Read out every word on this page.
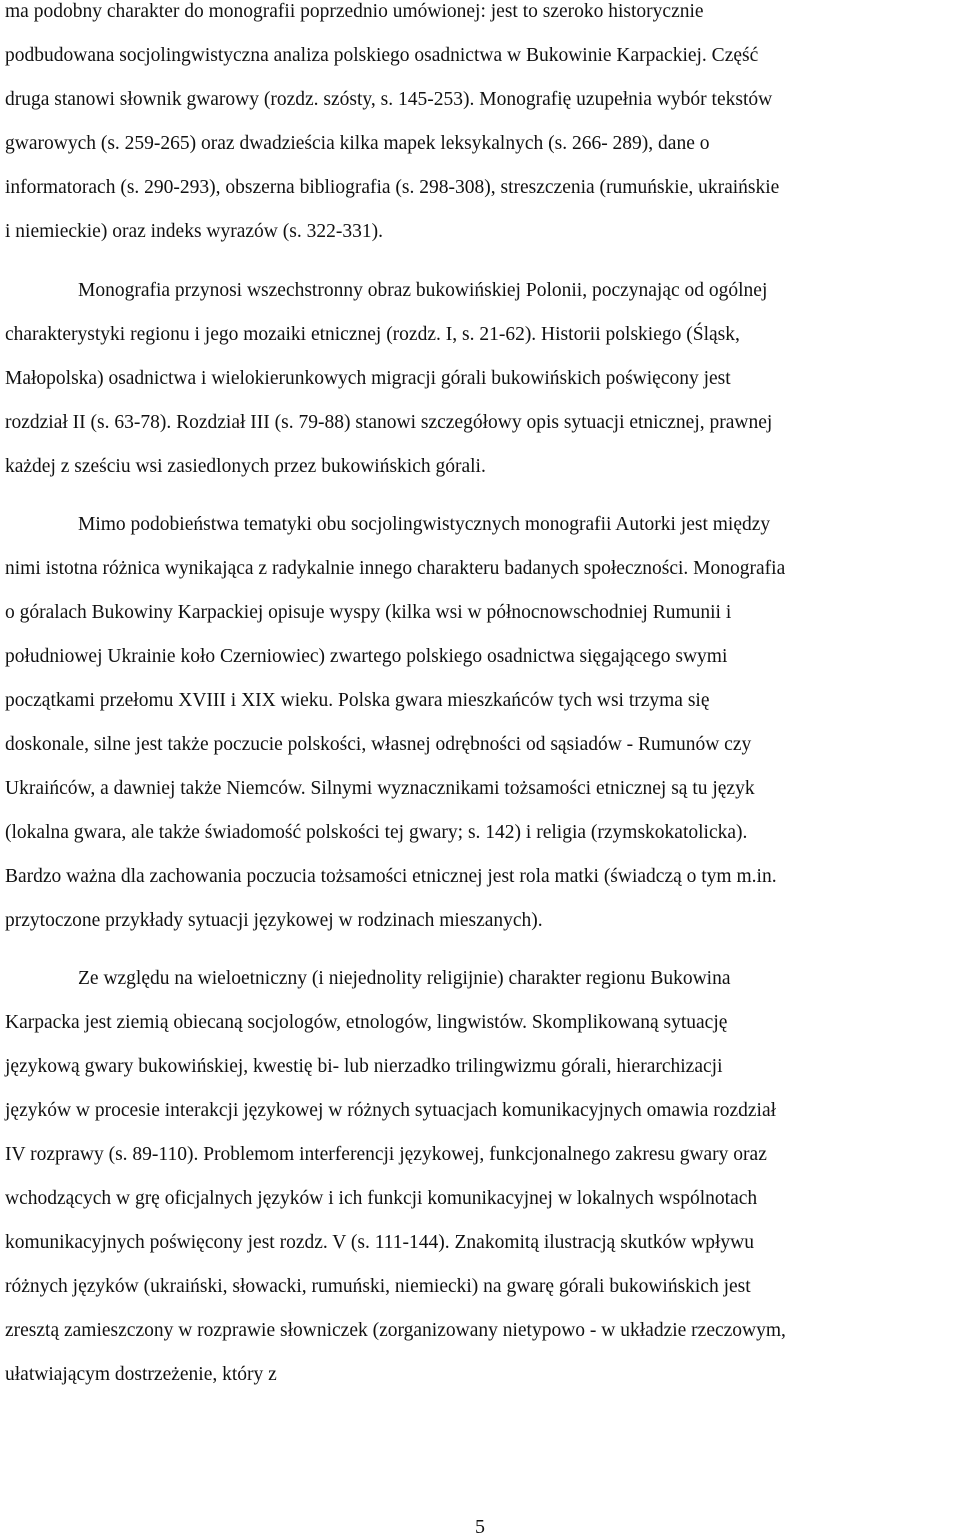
ma podobny charakter do monografii poprzednio umówionej: jest to szeroko historycznie

podbudowana socjolingwistyczna analiza polskiego osadnictwa w Bukowinie Karpackiej. Część

druga stanowi słownik gwarowy (rozdz. szósty, s. 145-253). Monografię uzupełnia wybór tekstów

gwarowych (s. 259-265) oraz dwadzieścia kilka mapek leksykalnych (s. 266- 289), dane o

informatorach (s. 290-293), obszerna bibliografia (s. 298-308), streszczenia (rumuńskie, ukraińskie

i niemieckie) oraz indeks wyrazów (s. 322-331).

Monografia przynosi wszechstronny obraz bukowińskiej Polonii, poczynając od ogólnej

charakterystyki regionu i jego mozaiki etnicznej (rozdz. I, s. 21-62). Historii polskiego (Śląsk,

Małopolska) osadnictwa i wielokierunkowych migracji górali bukowińskich poświęcony jest

rozdział II (s. 63-78). Rozdział III (s. 79-88) stanowi szczegółowy opis sytuacji etnicznej, prawnej

każdej z sześciu wsi zasiedlonych przez bukowińskich górali.

Mimo podobieństwa tematyki obu socjolingwistycznych monografii Autorki jest między

nimi istotna różnica wynikająca z radykalnie innego charakteru badanych społeczności. Monografia

o góralach Bukowiny Karpackiej opisuje wyspy (kilka wsi w północnowschodniej Rumunii i

południowej Ukrainie koło Czerniowiec) zwartego polskiego osadnictwa sięgającego swymi

początkami przełomu XVIII i XIX wieku. Polska gwara mieszkańców tych wsi trzyma się

doskonale, silne jest także poczucie polskości, własnej odrębności od sąsiadów - Rumunów czy

Ukraińców, a dawniej także Niemców. Silnymi wyznacznikami tożsamości etnicznej są tu język

(lokalna gwara, ale także świadomość polskości tej gwary; s. 142) i religia (rzymskokatolicka).

Bardzo ważna dla zachowania poczucia tożsamości etnicznej jest rola matki (świadczą o tym m.in.

przytoczone przykłady sytuacji językowej w rodzinach mieszanych).

Ze względu na wieloetniczny (i niejednolity religijnie) charakter regionu Bukowina

Karpacka jest ziemią obiecaną socjologów, etnologów, lingwistów. Skomplikowaną sytuację

językową gwary bukowińskiej, kwestię bi- lub nierzadko trilingwizmu górali, hierarchizacji

języków w procesie interakcji językowej w różnych sytuacjach komunikacyjnych omawia rozdział

IV rozprawy (s. 89-110). Problemom interferencji językowej, funkcjonalnego zakresu gwary oraz

wchodzących w grę oficjalnych języków i ich funkcji komunikacyjnej w lokalnych wspólnotach

komunikacyjnych poświęcony jest rozdz. V (s. 111-144). Znakomitą ilustracją skutków wpływu

różnych języków (ukraiński, słowacki, rumuński, niemiecki) na gwarę górali bukowińskich jest

zresztą zamieszczony w rozprawie słowniczek (zorganizowany nietypowo - w układzie rzeczowym,

ułatwiającym dostrzeżenie, który z

5
